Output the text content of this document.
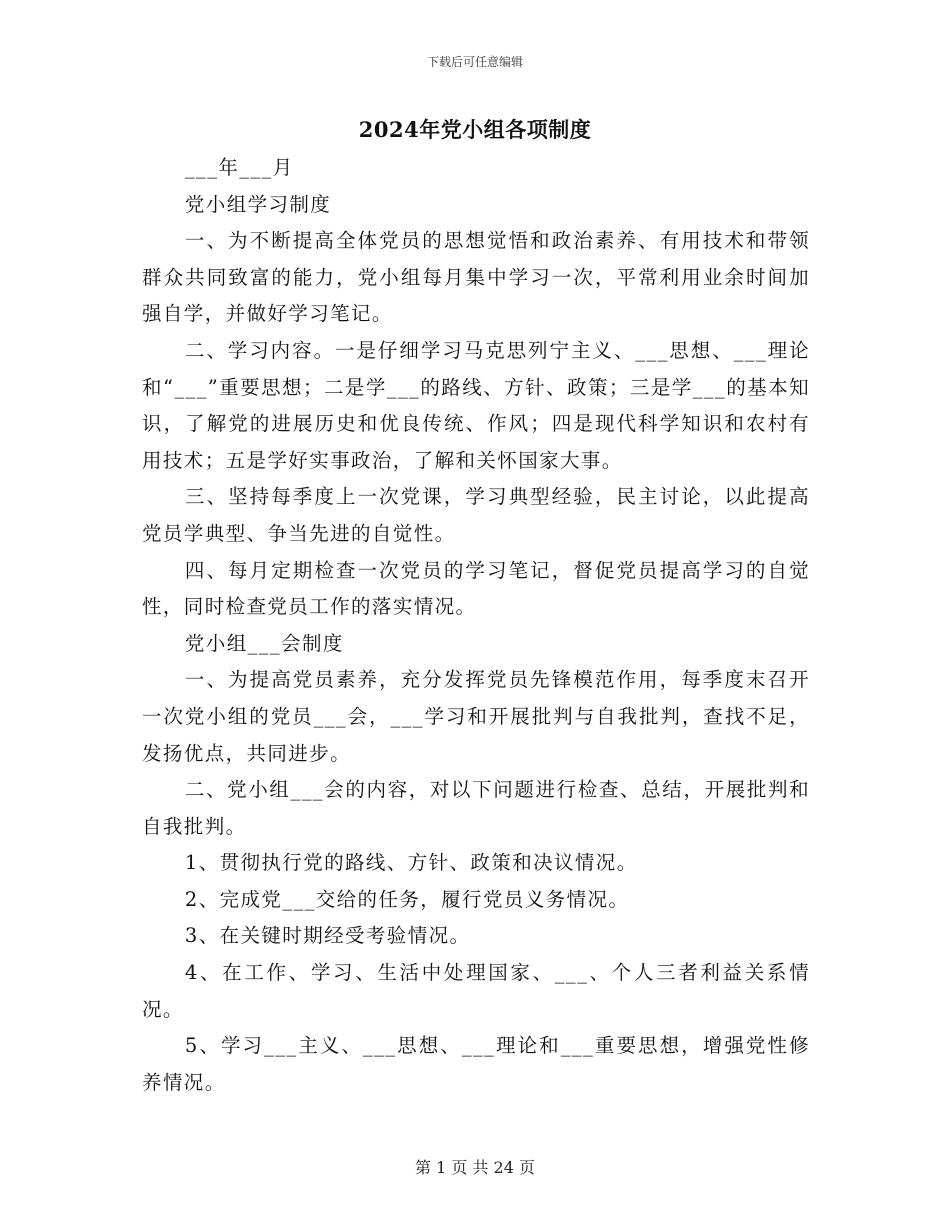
下载后可任意编辑
2024年党小组各项制度

___年___月

党小组学习制度

一、为不断提高全体党员的思想觉悟和政治素养、有用技术和带领群众共同致富的能力，党小组每月集中学习一次，平常利用业余时间加强自学，并做好学习笔记。

二、学习内容。一是仔细学习马克思列宁主义、___思想、___理论和“___”重要思想；二是学___的路线、方针、政策；三是学___的基本知识，了解党的进展历史和优良传统、作风；四是现代科学知识和农村有用技术；五是学好实事政治，了解和关怀国家大事。

三、坚持每季度上一次党课，学习典型经验，民主讨论，以此提高党员学典型、争当先进的自觉性。

四、每月定期检查一次党员的学习笔记，督促党员提高学习的自觉性，同时检查党员工作的落实情况。

党小组___会制度

一、为提高党员素养，充分发挥党员先锋模范作用，每季度末召开一次党小组的党员___会，___学习和开展批判与自我批判，查找不足，发扬优点，共同进步。

二、党小组___会的内容，对以下问题进行检查、总结，开展批判和自我批判。

1、贯彻执行党的路线、方针、政策和决议情况。

2、完成党___交给的任务，履行党员义务情况。

3、在关键时期经受考验情况。

4、在工作、学习、生活中处理国家、___、个人三者利益关系情况。

5、学习___主义、___思想、___理论和___重要思想，增强党性修养情况。

第 1 页 共 24 页
